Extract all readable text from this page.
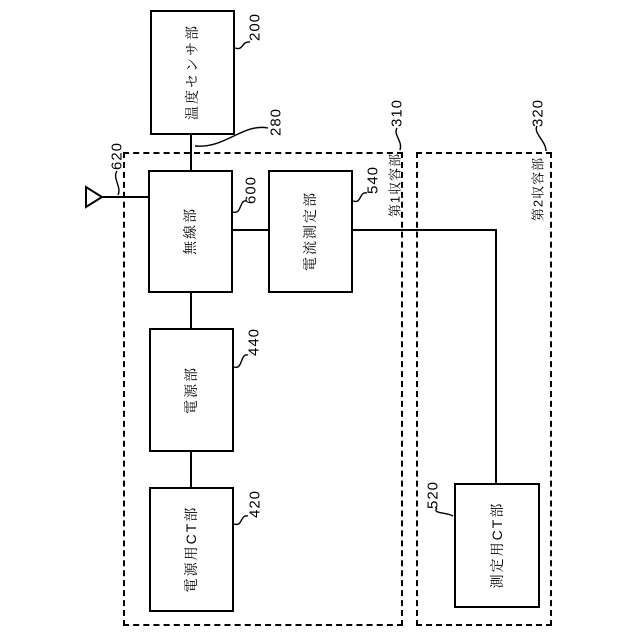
温度センサ部
無線部	電流測定部
電源部
電源用CT部	測定用CT部
第1収容部	第2収容部
200
280
620
600	540
310	320
440
420	520
